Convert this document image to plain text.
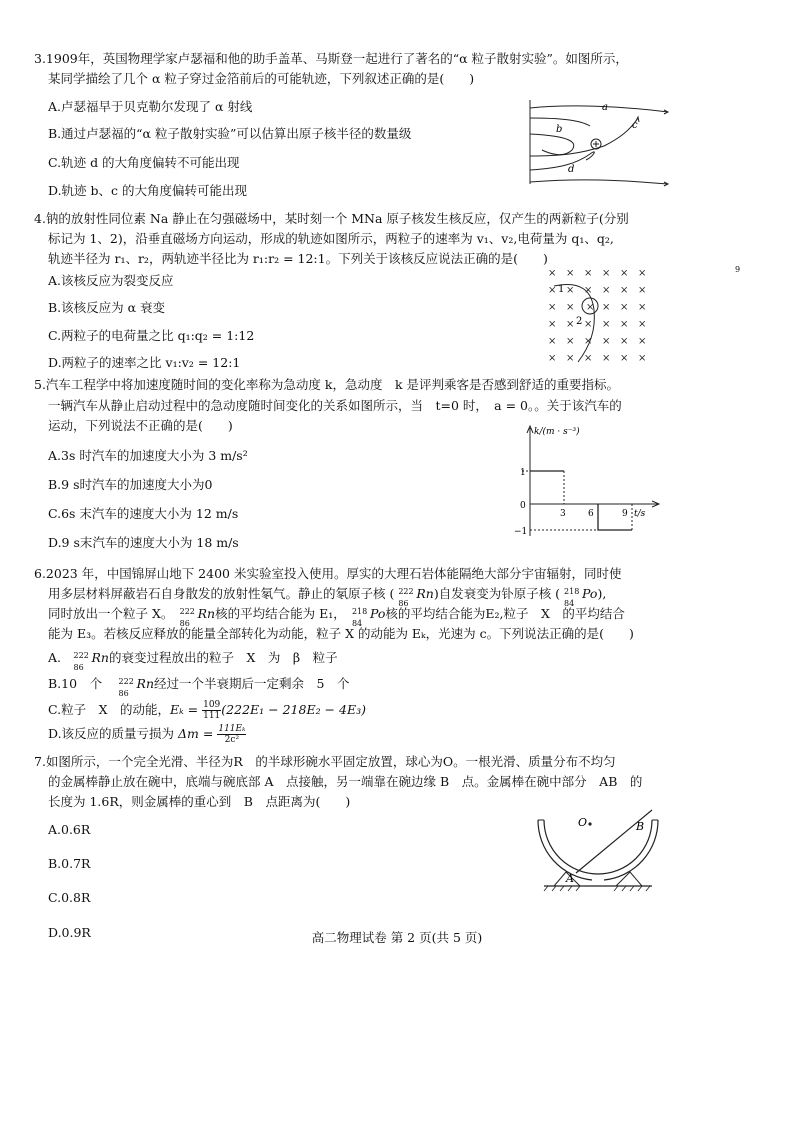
3.1909年，英国物理学家卢瑟福和他的助手盖革、马斯登一起进行了著名的“α 粒子散射实验”。如图所示，
某同学描绘了几个 α 粒子穿过金箔前后的可能轨迹，下列叙述正确的是(　　)
A.卢瑟福早于贝克勒尔发现了 α 射线
B.通过卢瑟福的“α 粒子散射实验”可以估算出原子核半径的数量级
C.轨迹 d 的大角度偏转不可能出现
D.轨迹 b、c 的大角度偏转可能出现
a
b	c
d
4.钠的放射性同位素 Na 静止在匀强磁场中，某时刻一个 MNa 原子核发生核反应，仅产生的两新粒子(分别
标记为 1、2)，沿垂直磁场方向运动，形成的轨迹如图所示，两粒子的速率为 v₁、v₂,电荷量为 q₁、q₂,
轨迹半径为 r₁、r₂，两轨迹半径比为 r₁:r₂ = 12:1。下列关于该核反应说法正确的是(　　)
A.该核反应为裂变反应
B.该核反应为 α 衰变
C.两粒子的电荷量之比 q₁:q₂ = 1:12
D.两粒子的速率之比 v₁:v₂ = 12:1
9
× × × × × ×
× × × × × ×
× ×	× × ×
× × × × × ×
× × × × × ×
× × × × × ×
×
1
2
5.汽车工程学中将加速度随时间的变化率称为急动度 k，急动度　k 是评判乘客是否感到舒适的重要指标。
一辆汽车从静止启动过程中的急动度随时间变化的关系如图所示，当　t=0 时，　a = 0。。关于该汽车的
运动，下列说法不正确的是(　　)
A.3s 时汽车的加速度大小为 3 m/s²
B.9 s时汽车的加速度大小为0
C.6s 末汽车的速度大小为 12 m/s
D.9 s末汽车的速度大小为 18 m/s
k/(m · s⁻³)
t/s
1
0
−1
3 6	9
6.2023 年，中国锦屏山地下 2400 米实验室投入使用。厚实的大理石岩体能隔绝大部分宇宙辐射，同时使
用多层材料屏蔽岩石自身散发的放射性氡气。静止的氡原子核 ( 222
86
Rn)自发衰变为钋原子核 ( 218
84
Po),
同时放出一个粒子 X。　 222
86
Rn核的平均结合能为 E₁，　 218
84
Po核的平均结合能为E₂,粒子　X　的平均结合
能为 E₃。若核反应释放的能量全部转化为动能，粒子 X 的动能为 Eₖ，光速为 c。下列说法正确的是(　　)
A.　 222
86
Rn的衰变过程放出的粒子　X　为　β　粒子
B.10　个　 222
86
Rn经过一个半衰期后一定剩余　5　个
C.粒子　X　的动能，$E_k = \frac{109}{111} (222E_1 - 218E_2 - 4E_3)$
D.该反应的质量亏损为 $\Delta m = \frac{\text{111Eₖ}}{\text{2c²}}$
7.如图所示，一个完全光滑、半径为R　的半球形碗水平固定放置，球心为O。一根光滑、质量分布不均匀
的金属棒静止放在碗中，底端与碗底部 A　点接触，另一端靠在碗边缘 B　点。金属棒在碗中部分　AB　的
长度为 1.6R，则金属棒的重心到　B　点距离为(　　)
A.0.6R
B.0.7R
C.0.8R
D.0.9R
O
A
B
高二物理试卷 第 2 页(共 5 页)
